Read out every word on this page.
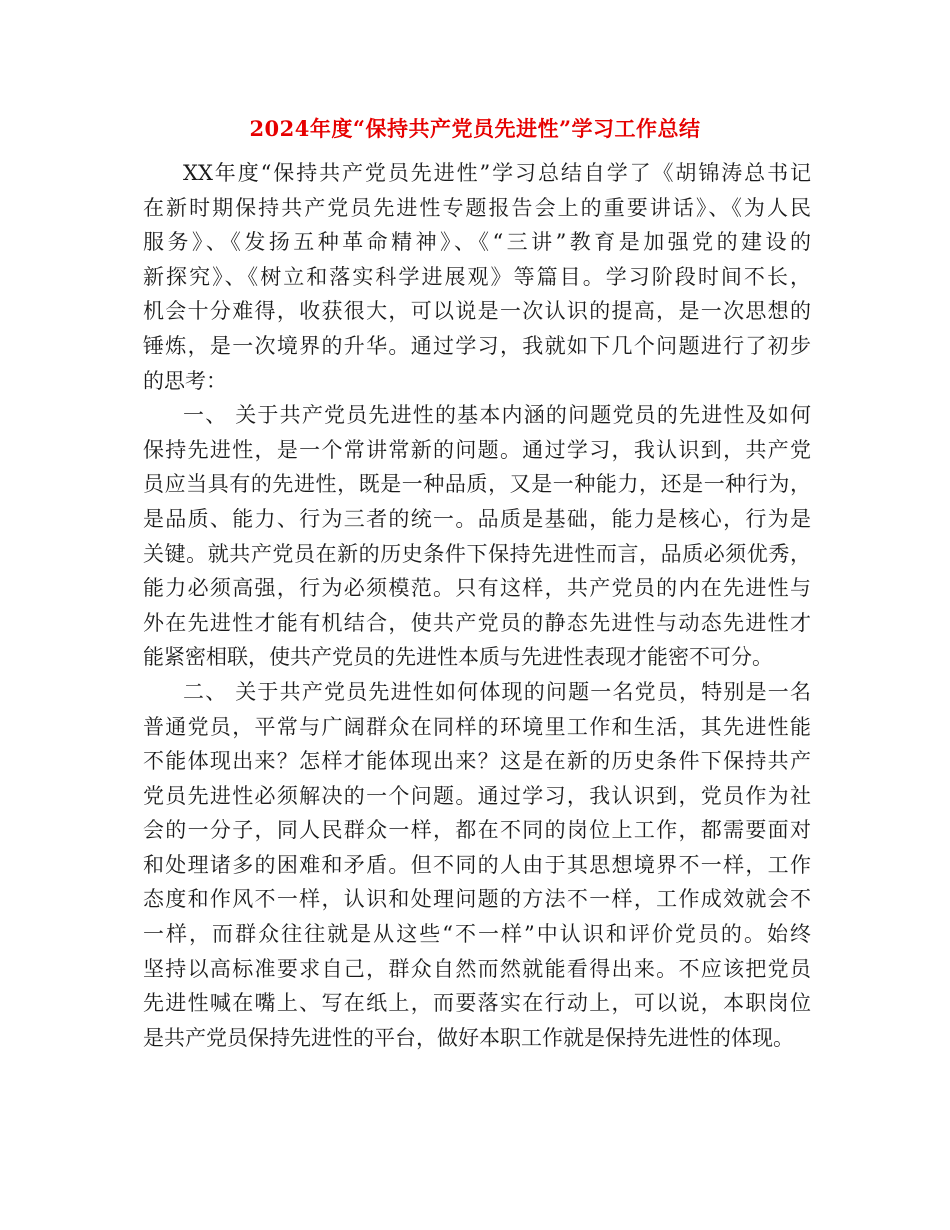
2024年度“保持共产党员先进性”学习工作总结
XX年度“保持共产党员先进性”学习总结自学了《胡锦涛总书记
在新时期保持共产党员先进性专题报告会上的重要讲话》、《为人民
服务》、《发扬五种革命精神》、《“三讲”教育是加强党的建设的
新探究》、《树立和落实科学进展观》等篇目。学习阶段时间不长，
机会十分难得，收获很大，可以说是一次认识的提高，是一次思想的
锤炼，是一次境界的升华。通过学习，我就如下几个问题进行了初步
的思考：
一、 关于共产党员先进性的基本内涵的问题党员的先进性及如何
保持先进性，是一个常讲常新的问题。通过学习，我认识到，共产党
员应当具有的先进性，既是一种品质，又是一种能力，还是一种行为，
是品质、能力、行为三者的统一。品质是基础，能力是核心，行为是
关键。就共产党员在新的历史条件下保持先进性而言，品质必须优秀，
能力必须高强，行为必须模范。只有这样，共产党员的内在先进性与
外在先进性才能有机结合，使共产党员的静态先进性与动态先进性才
能紧密相联，使共产党员的先进性本质与先进性表现才能密不可分。
二、 关于共产党员先进性如何体现的问题一名党员，特别是一名
普通党员，平常与广阔群众在同样的环境里工作和生活，其先进性能
不能体现出来？怎样才能体现出来？这是在新的历史条件下保持共产
党员先进性必须解决的一个问题。通过学习，我认识到，党员作为社
会的一分子，同人民群众一样，都在不同的岗位上工作，都需要面对
和处理诸多的困难和矛盾。但不同的人由于其思想境界不一样，工作
态度和作风不一样，认识和处理问题的方法不一样，工作成效就会不
一样，而群众往往就是从这些“不一样”中认识和评价党员的。始终
坚持以高标准要求自己，群众自然而然就能看得出来。不应该把党员
先进性喊在嘴上、写在纸上，而要落实在行动上，可以说，本职岗位
是共产党员保持先进性的平台，做好本职工作就是保持先进性的体现。
